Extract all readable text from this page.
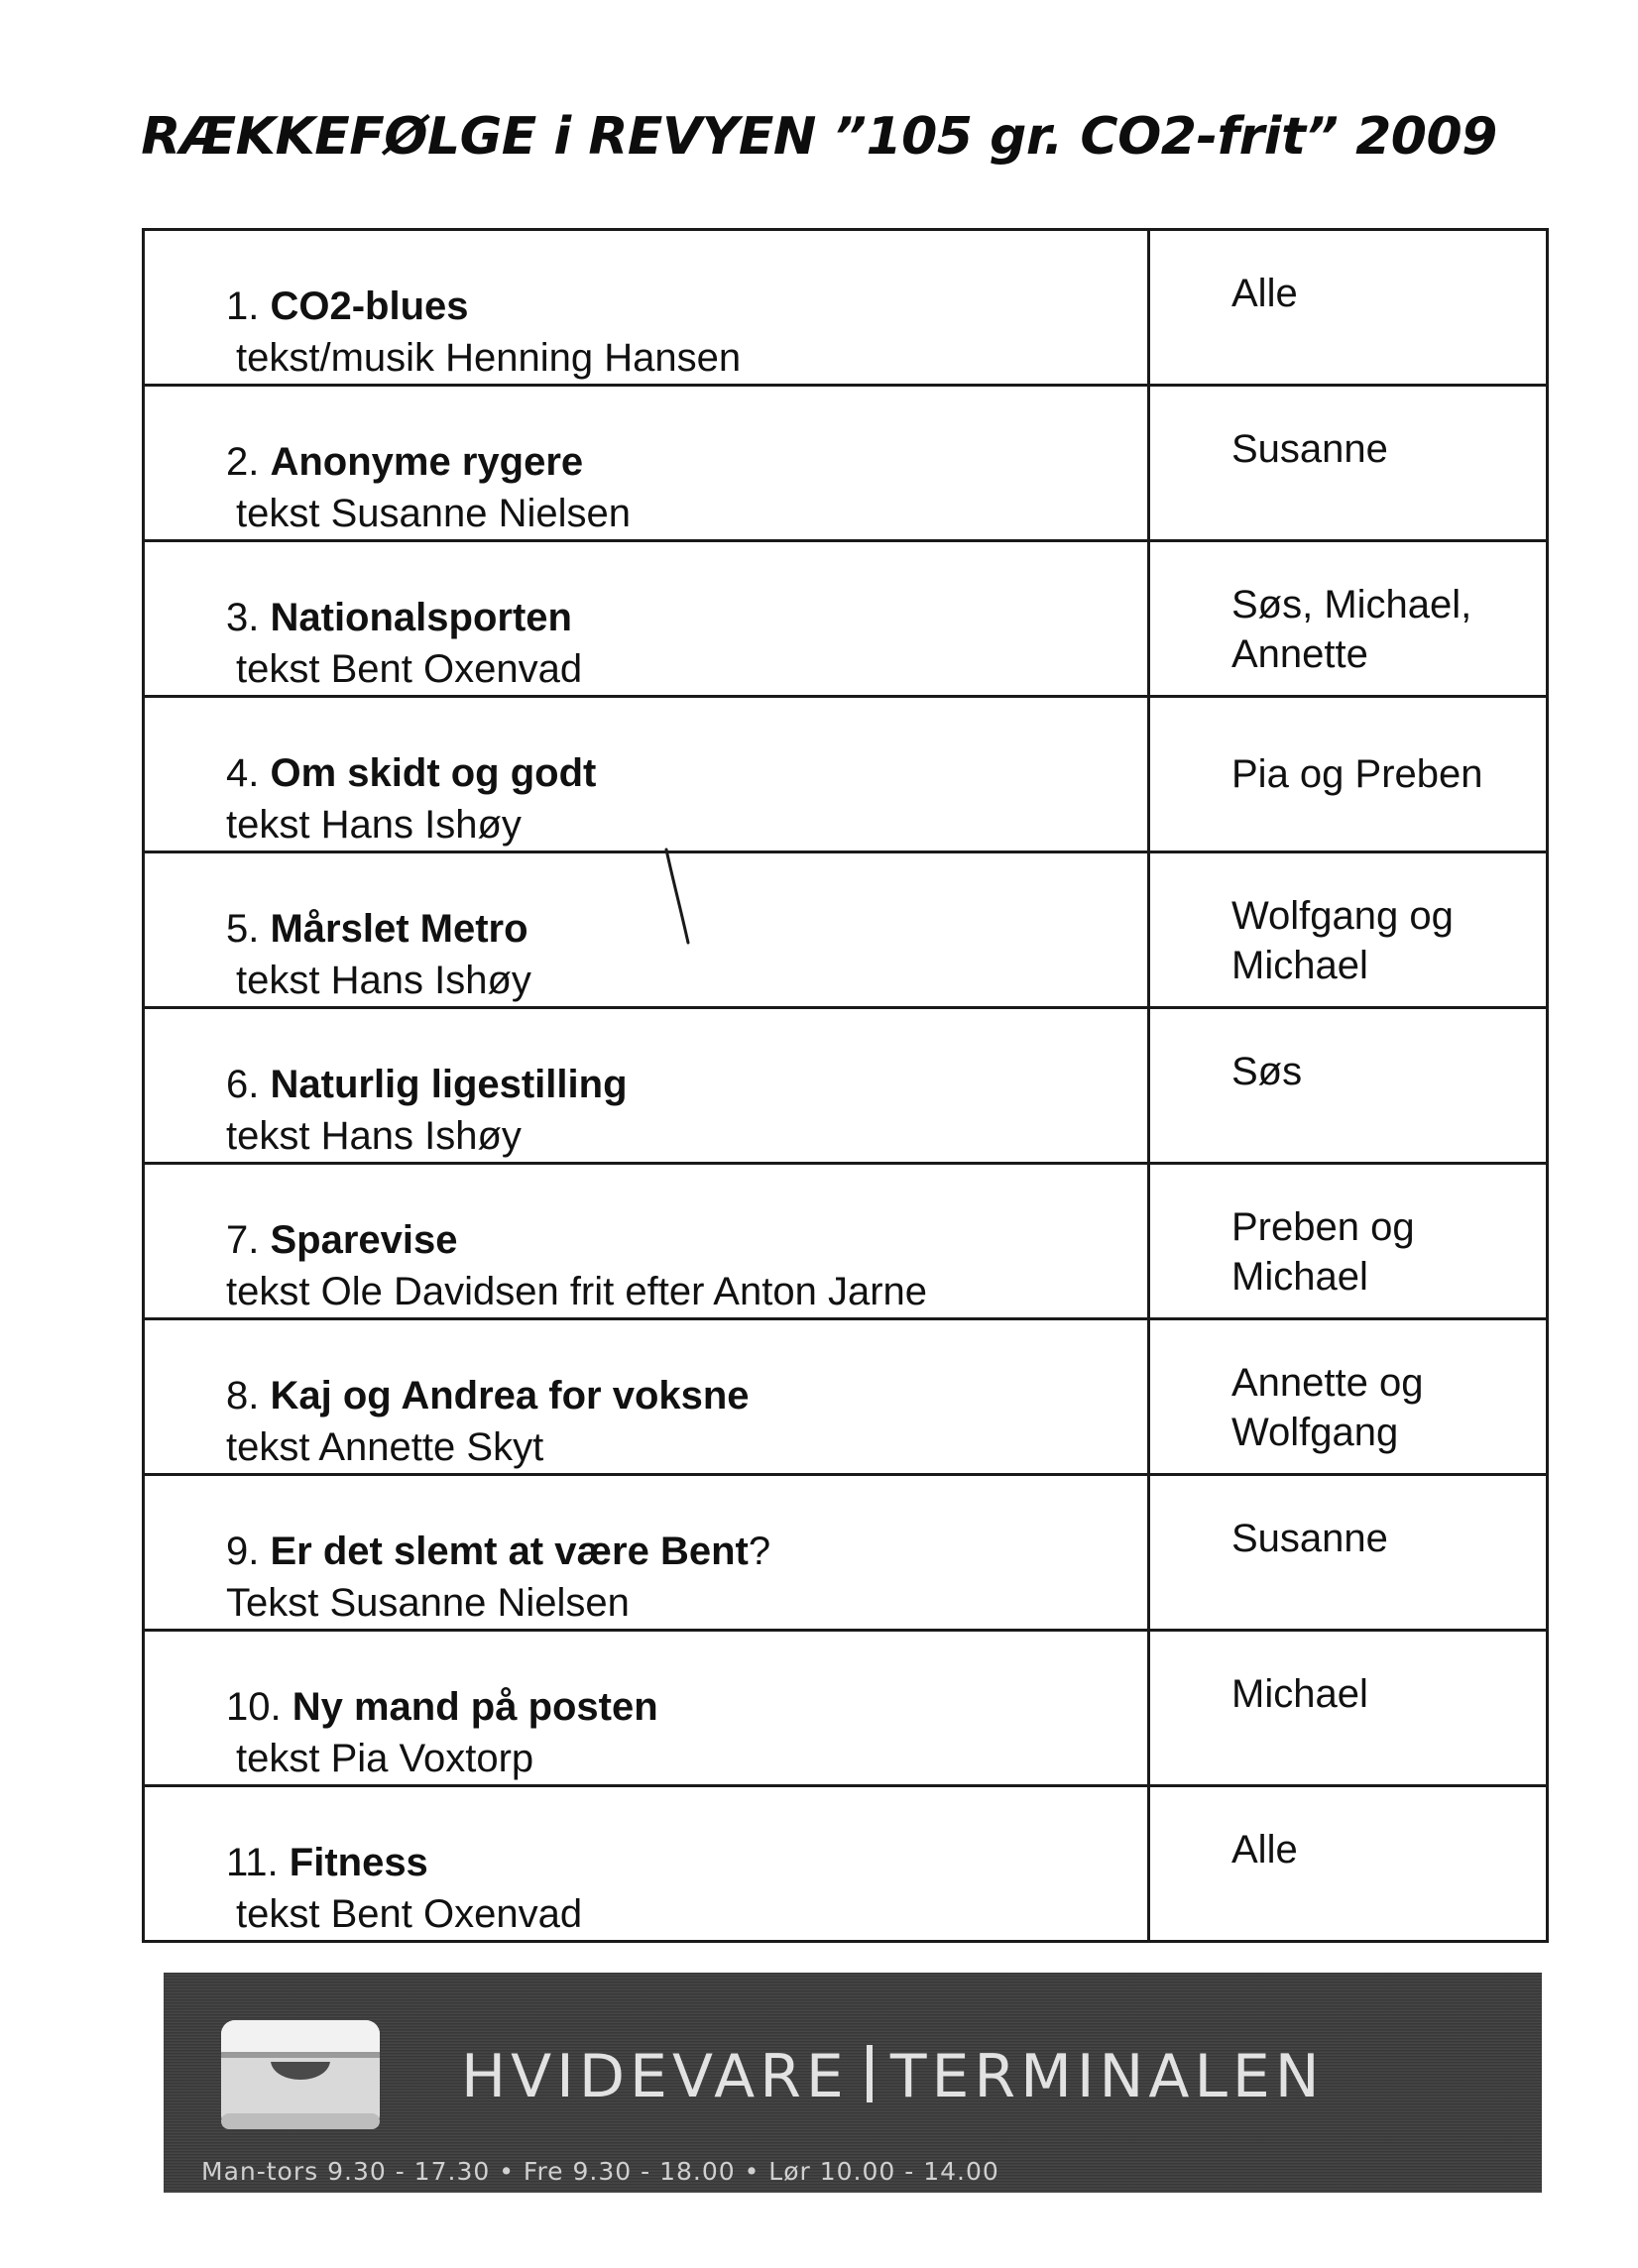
RÆKKEFØLGE i REVYEN ”105 gr. CO2-frit” 2009
1. CO2-blues
tekst/musik Henning Hansen	Alle

2. Anonyme rygere
tekst Susanne Nielsen	Susanne

3. Nationalsporten
tekst Bent Oxenvad	Søs, Michael,
Annette

4. Om skidt og godt
tekst Hans Ishøy	Pia og Preben

5. Mårslet Metro
tekst Hans Ishøy	Wolfgang og
Michael

6. Naturlig ligestilling
tekst Hans Ishøy	Søs

7. Sparevise
tekst Ole Davidsen frit efter Anton Jarne	Preben og
Michael

8. Kaj og Andrea for voksne
tekst Annette Skyt	Annette og
Wolfgang

9. Er det slemt at være Bent?
Tekst Susanne Nielsen	Susanne

10. Ny mand på posten
tekst Pia Voxtorp	Michael

11. Fitness
tekst Bent Oxenvad	Alle
HVIDEVARE TERMINALEN
Man-tors 9.30 - 17.30 • Fre 9.30 - 18.00 • Lør 10.00 - 14.00
